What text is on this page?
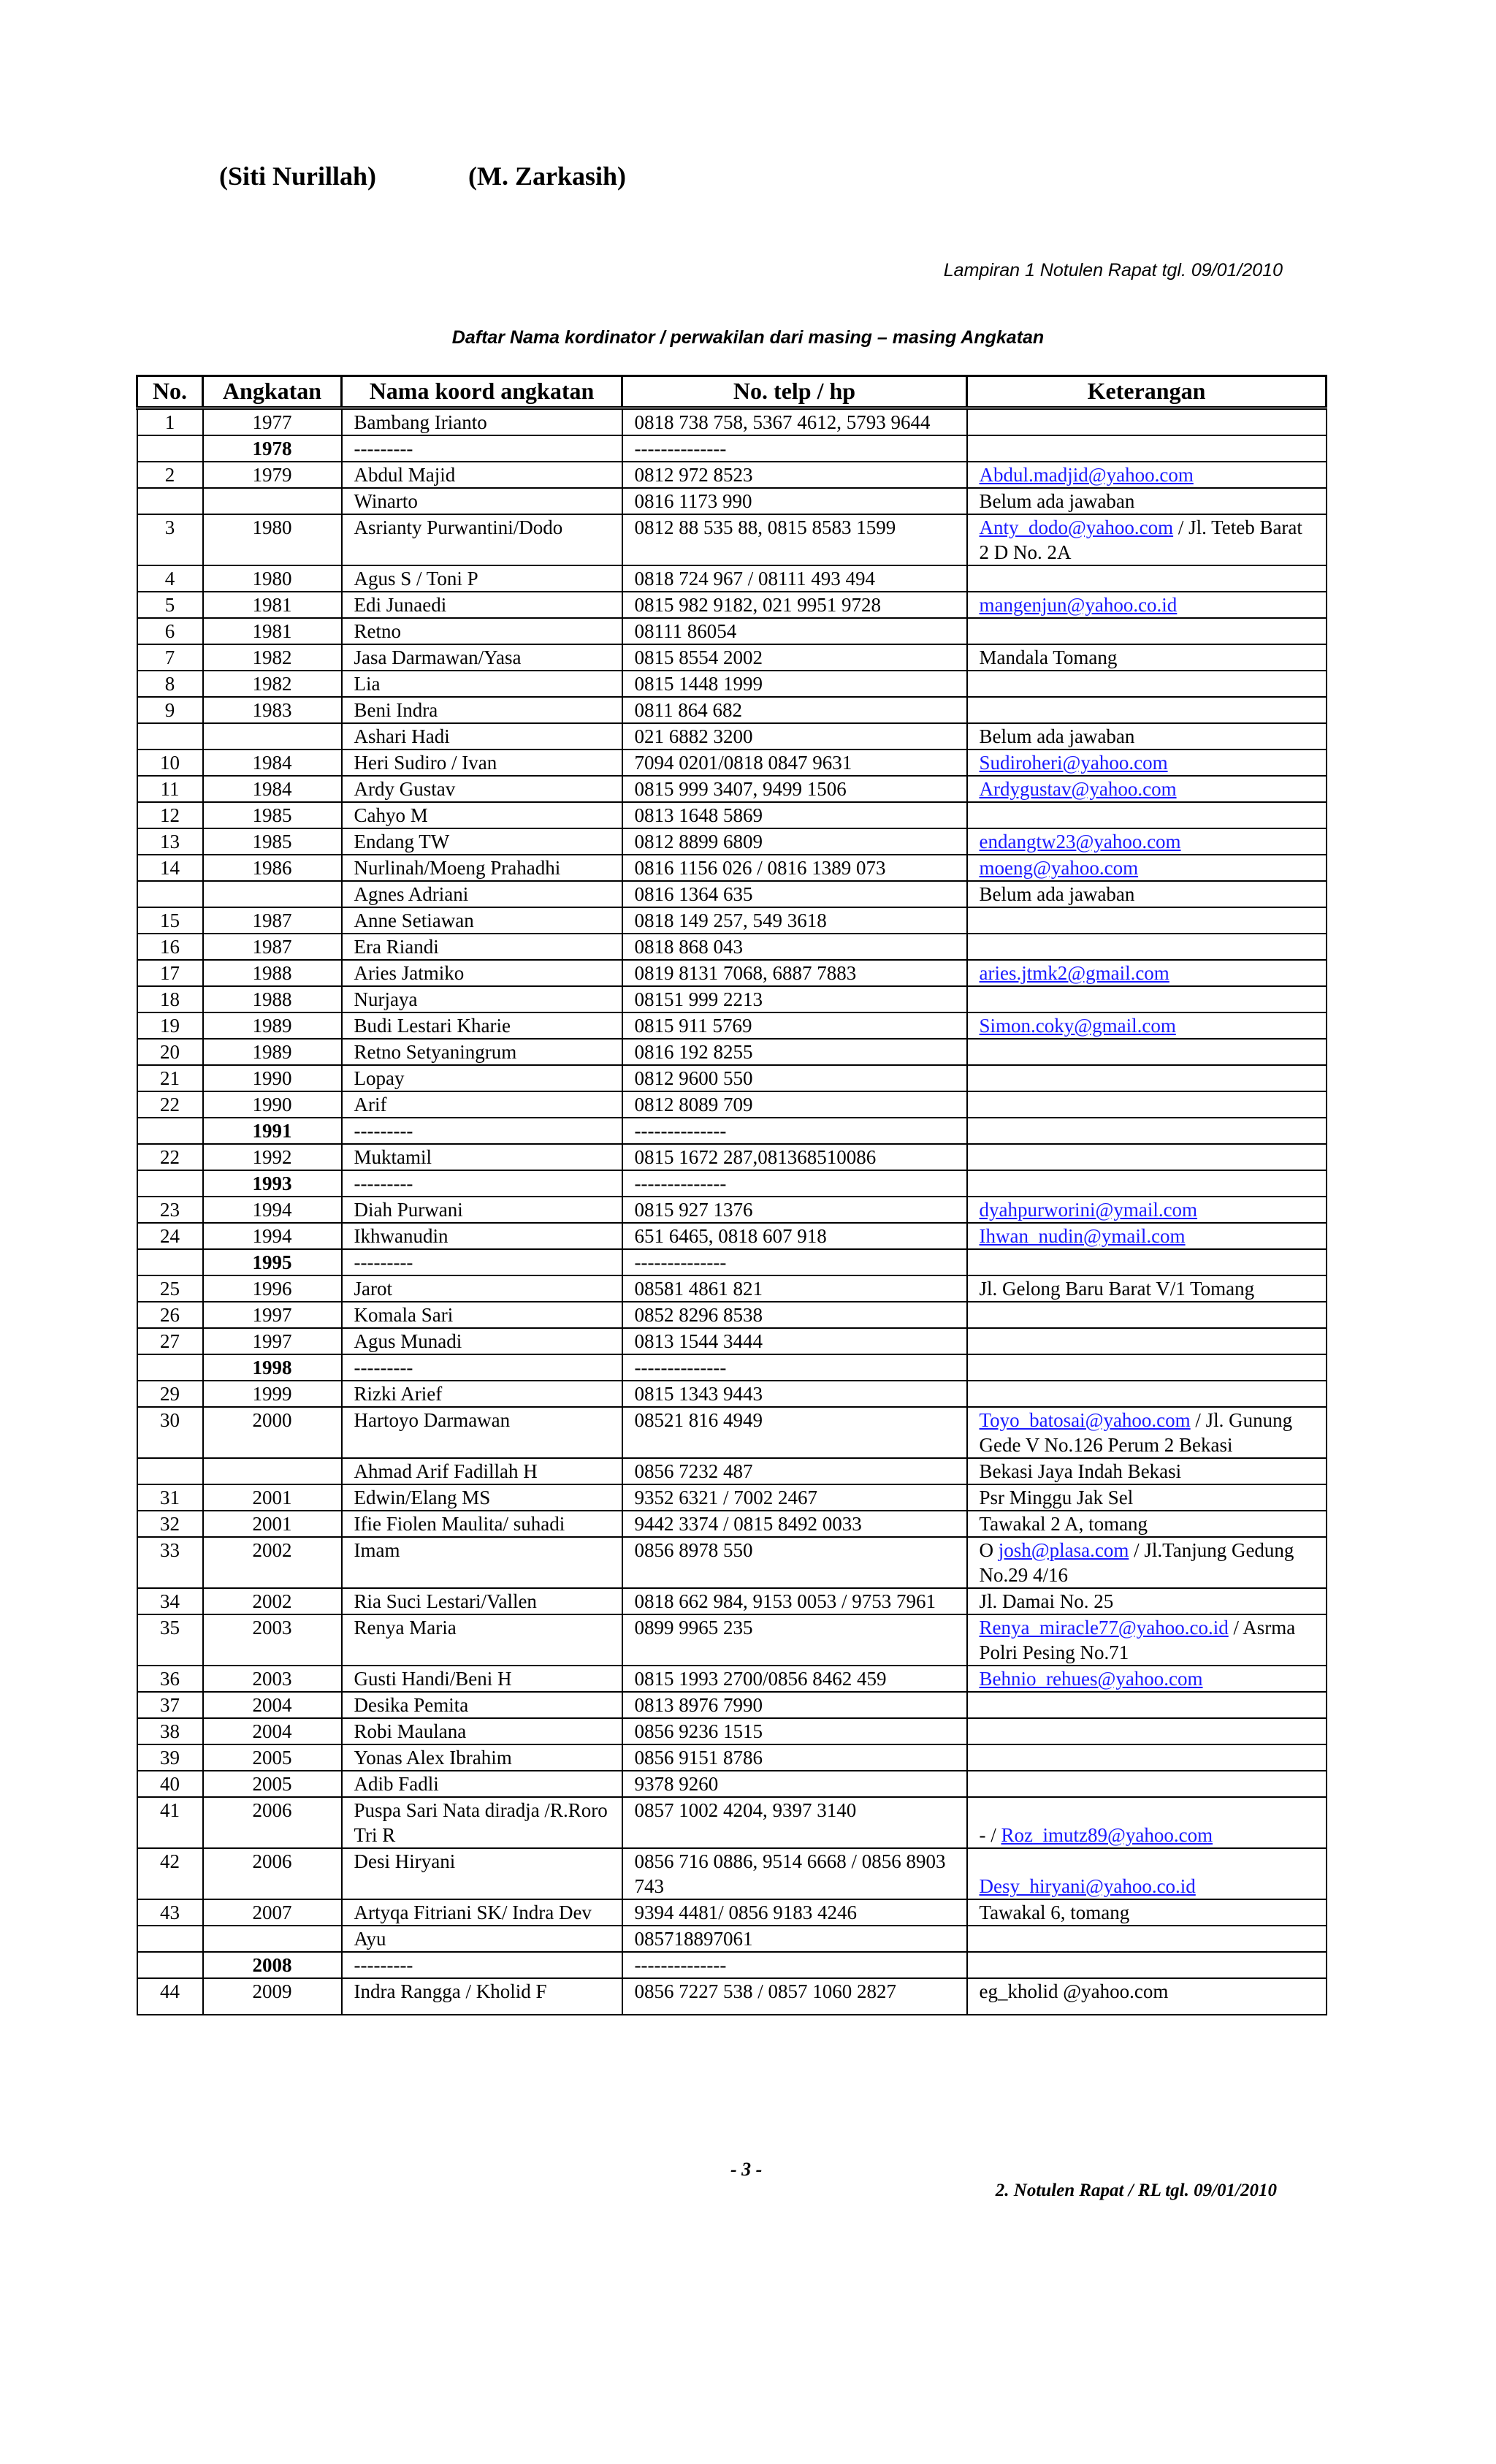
(Siti Nurillah)	(M. Zarkasih)
Lampiran 1 Notulen Rapat tgl. 09/01/2010
Daftar Nama kordinator / perwakilan dari masing – masing Angkatan
No.	Angkatan	Nama koord angkatan	No. telp / hp	Keterangan
1	1977	Bambang Irianto	0818 738 758, 5367 4612, 5793 9644	
	1978	---------	--------------	
2	1979	Abdul Majid	0812 972 8523	Abdul.madjid@yahoo.com
		Winarto	0816 1173 990	Belum ada jawaban
3	1980	Asrianty Purwantini/Dodo	0812 88 535 88, 0815 8583 1599	Anty_dodo@yahoo.com / Jl. Teteb Barat 2 D No. 2A
4	1980	Agus S / Toni P	0818 724 967 / 08111 493 494	
5	1981	Edi Junaedi	0815 982 9182, 021 9951 9728	mangenjun@yahoo.co.id
6	1981	Retno	08111 86054	
7	1982	Jasa Darmawan/Yasa	0815 8554 2002	Mandala Tomang
8	1982	Lia	0815 1448 1999	
9	1983	Beni Indra	0811 864 682	
		Ashari Hadi	021 6882 3200	Belum ada jawaban
10	1984	Heri Sudiro / Ivan	7094 0201/0818 0847 9631	Sudiroheri@yahoo.com
11	1984	Ardy Gustav	0815 999 3407, 9499 1506	Ardygustav@yahoo.com
12	1985	Cahyo M	0813 1648 5869	
13	1985	Endang TW	0812 8899 6809	endangtw23@yahoo.com
14	1986	Nurlinah/Moeng Prahadhi	0816 1156 026 / 0816 1389 073	moeng@yahoo.com
		Agnes Adriani	0816 1364 635	Belum ada jawaban
15	1987	Anne Setiawan	0818 149 257, 549 3618	
16	1987	Era Riandi	0818 868 043	
17	1988	Aries Jatmiko	0819 8131 7068, 6887 7883	aries.jtmk2@gmail.com
18	1988	Nurjaya	08151 999 2213	
19	1989	Budi Lestari Kharie	0815 911 5769	Simon.coky@gmail.com
20	1989	Retno Setyaningrum	0816 192 8255	
21	1990	Lopay	0812 9600 550	
22	1990	Arif	0812 8089 709	
	1991	---------	--------------	
22	1992	Muktamil	0815 1672 287,081368510086	
	1993	---------	--------------	
23	1994	Diah Purwani	0815 927 1376	dyahpurworini@ymail.com
24	1994	Ikhwanudin	651 6465, 0818 607 918	Ihwan_nudin@ymail.com
	1995	---------	--------------	
25	1996	Jarot	08581 4861 821	Jl. Gelong Baru Barat V/1 Tomang
26	1997	Komala Sari	0852 8296 8538	
27	1997	Agus Munadi	0813 1544 3444	
	1998	---------	--------------	
29	1999	Rizki Arief	0815 1343 9443	
30	2000	Hartoyo Darmawan	08521 816 4949	Toyo_batosai@yahoo.com / Jl. Gunung Gede V No.126 Perum 2 Bekasi
		Ahmad Arif Fadillah H	0856 7232 487	Bekasi Jaya Indah Bekasi
31	2001	Edwin/Elang MS	9352 6321 / 7002 2467	Psr Minggu Jak Sel
32	2001	Ifie Fiolen Maulita/ suhadi	9442 3374 / 0815 8492 0033	Tawakal 2 A, tomang
33	2002	Imam	0856 8978 550	O josh@plasa.com / Jl.Tanjung Gedung No.29 4/16
34	2002	Ria Suci Lestari/Vallen	0818 662 984, 9153 0053 / 9753 7961	Jl. Damai No. 25
35	2003	Renya Maria	0899 9965 235	Renya_miracle77@yahoo.co.id / Asrma Polri Pesing No.71
36	2003	Gusti Handi/Beni H	0815 1993 2700/0856 8462 459	Behnio_rehues@yahoo.com
37	2004	Desika Pemita	0813 8976 7990	
38	2004	Robi Maulana	0856 9236 1515	
39	2005	Yonas Alex Ibrahim	0856 9151 8786	
40	2005	Adib Fadli	9378 9260	
41	2006	Puspa Sari Nata diradja /R.Roro Tri R	0857 1002 4204, 9397 3140	- / Roz_imutz89@yahoo.com
42	2006	Desi Hiryani	0856 716 0886, 9514 6668 / 0856 8903 743	Desy_hiryani@yahoo.co.id
43	2007	Artyqa Fitriani SK/ Indra Dev	9394 4481/ 0856 9183 4246	Tawakal 6, tomang
		Ayu	085718897061	
	2008	---------	--------------	
44	2009	Indra Rangga / Kholid F	0856 7227 538 / 0857 1060 2827	eg_kholid @yahoo.com
- 3 -
2. Notulen Rapat / RL tgl. 09/01/2010
